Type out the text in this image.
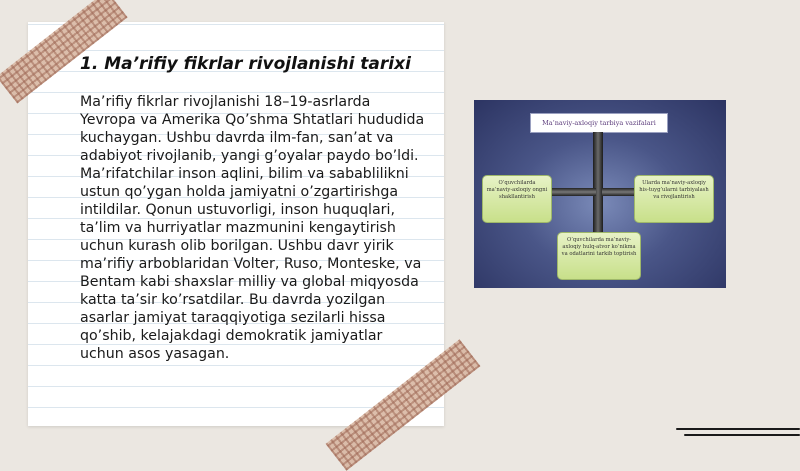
1. Ma’rifiy fikrlar rivojlanishi tarixi

Ma’rifiy fikrlar rivojlanishi 18–19-asrlarda Yevropa va Amerika Qo’shma Shtatlari hududida kuchaygan. Ushbu davrda ilm-fan, san’at va adabiyot rivojlanib, yangi g’oyalar paydo bo’ldi. Ma’rifatchilar inson aqlini, bilim va sabablilikni ustun qo’ygan holda jamiyatni o’zgartirishga intildilar. Qonun ustuvorligi, inson huquqlari, ta’lim va hurriyatlar mazmunini kengaytirish uchun kurash olib borilgan. Ushbu davr yirik ma’rifiy arboblaridan Volter, Ruso, Monteske, va Bentam kabi shaxslar milliy va global miqyosda katta ta’sir ko’rsatdilar. Bu davrda yozilgan asarlar jamiyat taraqqiyotiga sezilarli hissa qo’shib, kelajakdagi demokratik jamiyatlar uchun asos yasagan.

Ma’naviy-axloqiy tarbiya vazifalari
O’quvchilarda ma’naviy-axloqiy ongni shakllantirish
Ularda ma’naviy-axloqiy his-tuyg’ularni tarbiyalash va rivojlantirish
O’quvchilarda ma’naviy-axloqiy hulq-atvor ko’nikma va odatlarini tarkib toptirish
